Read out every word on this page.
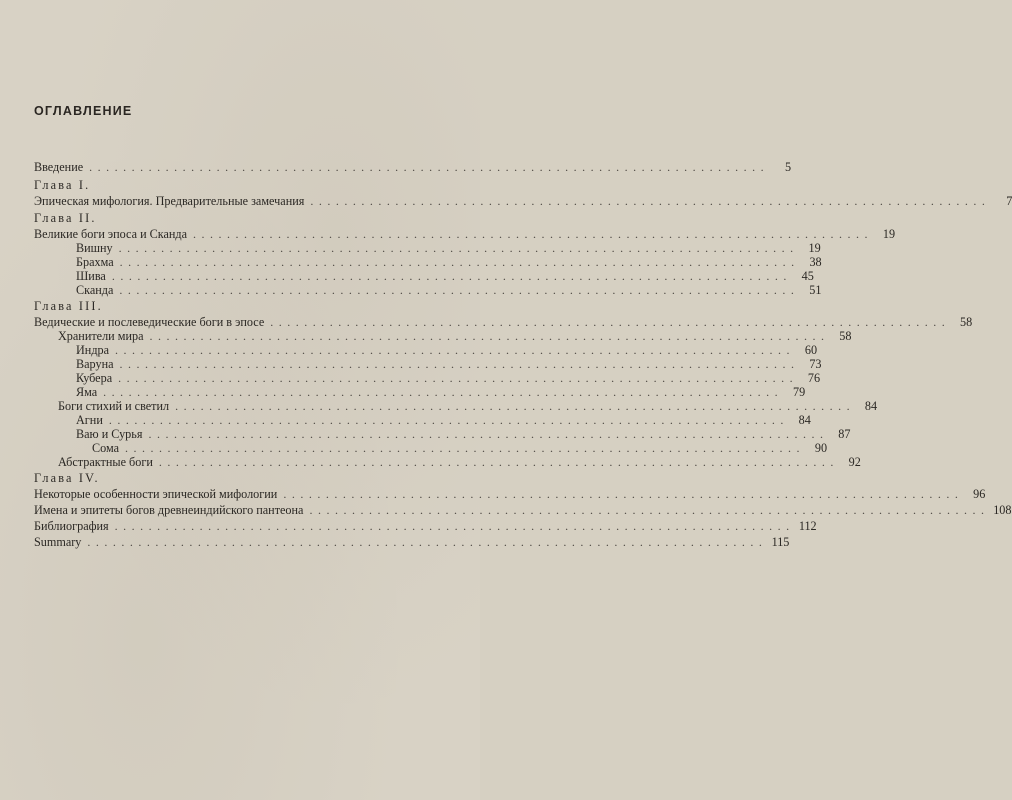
ОГЛАВЛЕНИЕ
Введение ................................................................................	5
Глава I.
Эпическая мифология. Предварительные замечания ................................................................................	7
Глава II.
Великие боги эпоса и Сканда ................................................................................ 19
Вишну ................................................................................ 19
Брахма ................................................................................ 38
Шива ................................................................................ 45
Сканда ................................................................................ 51
Глава III.
Ведические и послеведические боги в эпосе ................................................................................ 58
Хранители мира ................................................................................ 58
Индра ................................................................................ 60
Варуна ................................................................................ 73
Кубера ................................................................................ 76
Яма ................................................................................ 79
Боги стихий и светил ................................................................................ 84
Агни ................................................................................ 84
Ваю и Сурья ................................................................................ 87
Сома ................................................................................ 90
Абстрактные боги ................................................................................ 92
Глава IV.
Некоторые особенности эпической мифологии ................................................................................ 96
Имена и эпитеты богов древнеиндийского пантеона ................................................................................ 108
Библиография ................................................................................ 112
Summary ................................................................................ 115
